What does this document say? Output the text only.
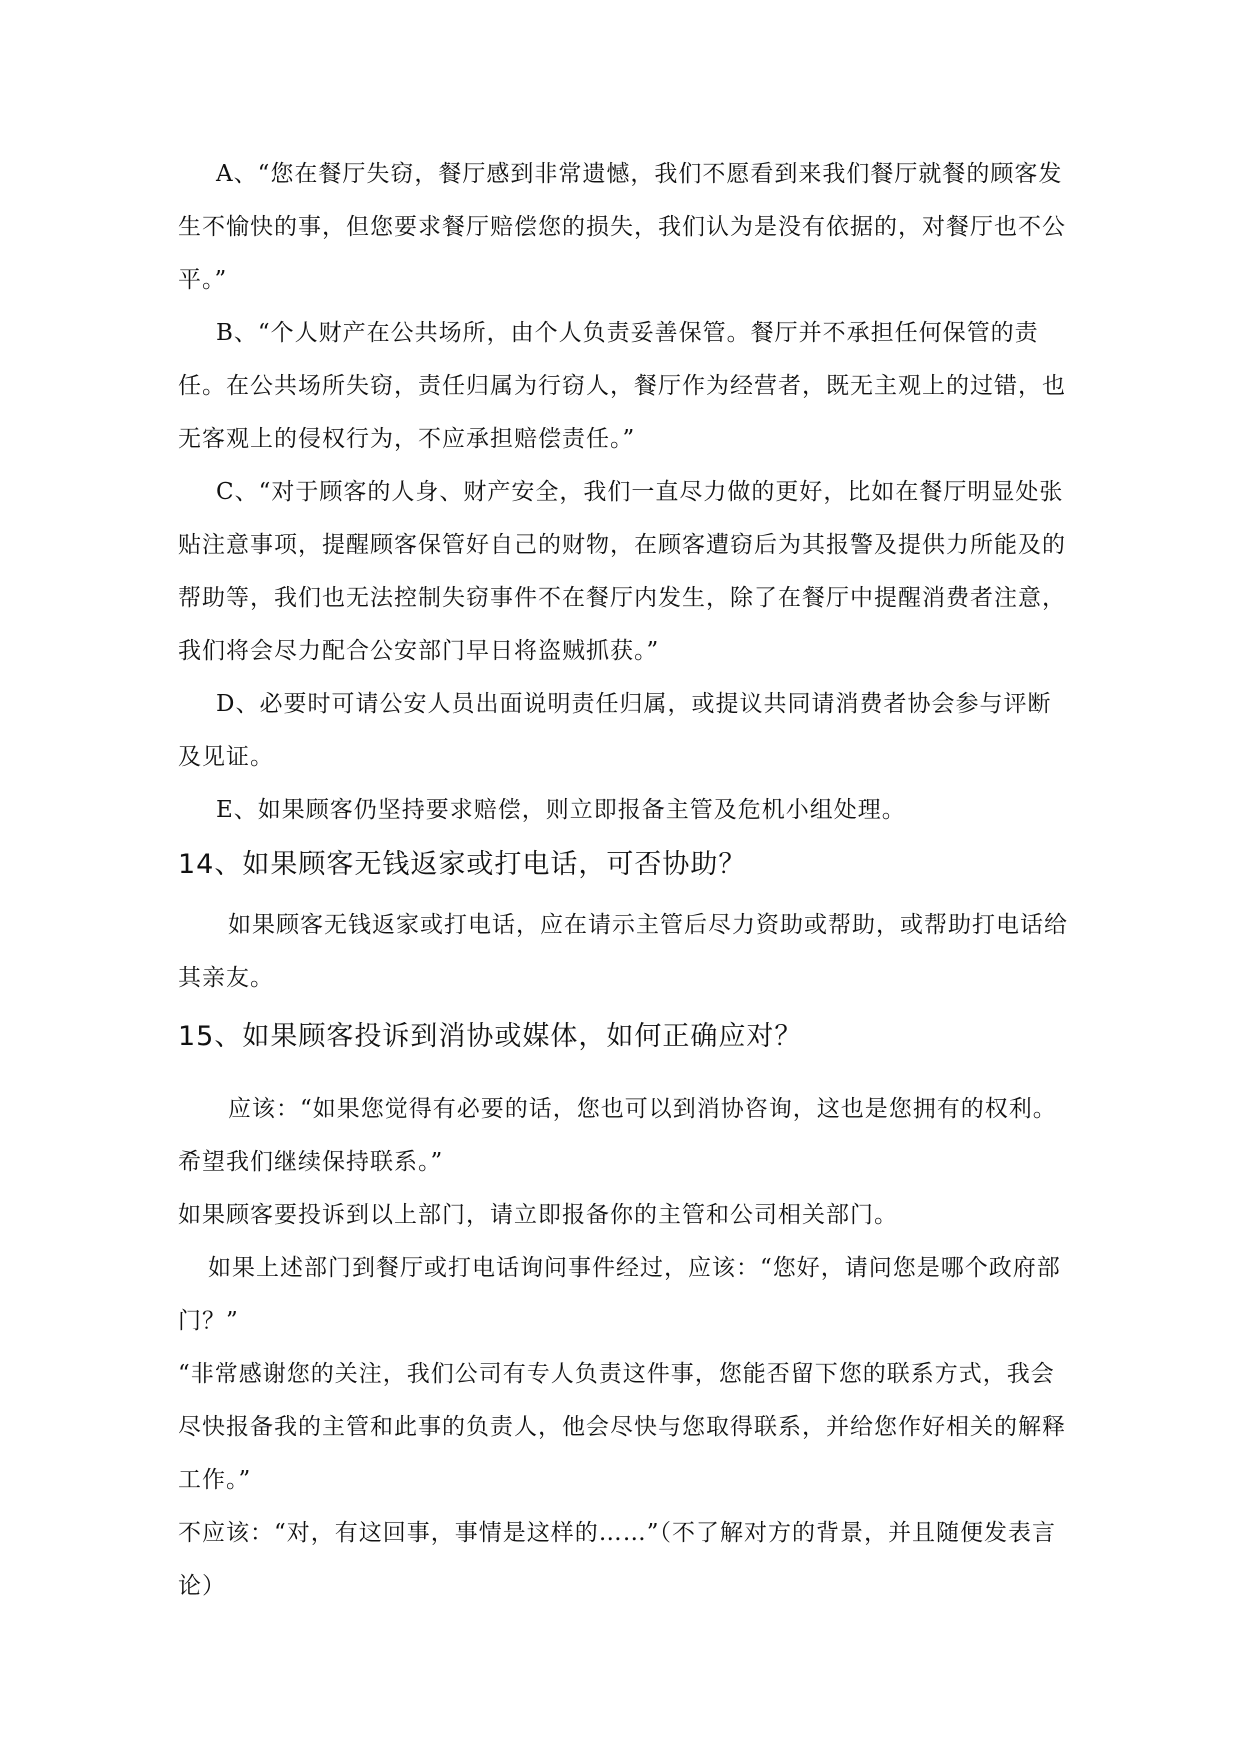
A、“您在餐厅失窃，餐厅感到非常遗憾，我们不愿看到来我们餐厅就餐的顾客发生不愉快的事，但您要求餐厅赔偿您的损失，我们认为是没有依据的，对餐厅也不公平。”

B、“个人财产在公共场所，由个人负责妥善保管。餐厅并不承担任何保管的责任。在公共场所失窃，责任归属为行窃人，餐厅作为经营者，既无主观上的过错，也无客观上的侵权行为，不应承担赔偿责任。”

C、“对于顾客的人身、财产安全，我们一直尽力做的更好，比如在餐厅明显处张贴注意事项，提醒顾客保管好自己的财物，在顾客遭窃后为其报警及提供力所能及的帮助等，我们也无法控制失窃事件不在餐厅内发生，除了在餐厅中提醒消费者注意，我们将会尽力配合公安部门早日将盗贼抓获。”

D、必要时可请公安人员出面说明责任归属，或提议共同请消费者协会参与评断及见证。

E、如果顾客仍坚持要求赔偿，则立即报备主管及危机小组处理。

14、如果顾客无钱返家或打电话，可否协助？

如果顾客无钱返家或打电话，应在请示主管后尽力资助或帮助，或帮助打电话给其亲友。

15、如果顾客投诉到消协或媒体，如何正确应对？

应该：“如果您觉得有必要的话，您也可以到消协咨询，这也是您拥有的权利。希望我们继续保持联系。”

如果顾客要投诉到以上部门，请立即报备你的主管和公司相关部门。

如果上述部门到餐厅或打电话询问事件经过，应该：“您好，请问您是哪个政府部门？”

“非常感谢您的关注，我们公司有专人负责这件事，您能否留下您的联系方式，我会尽快报备我的主管和此事的负责人，他会尽快与您取得联系，并给您作好相关的解释工作。”

不应该：“对，有这回事，事情是这样的……”（不了解对方的背景，并且随便发表言论）
